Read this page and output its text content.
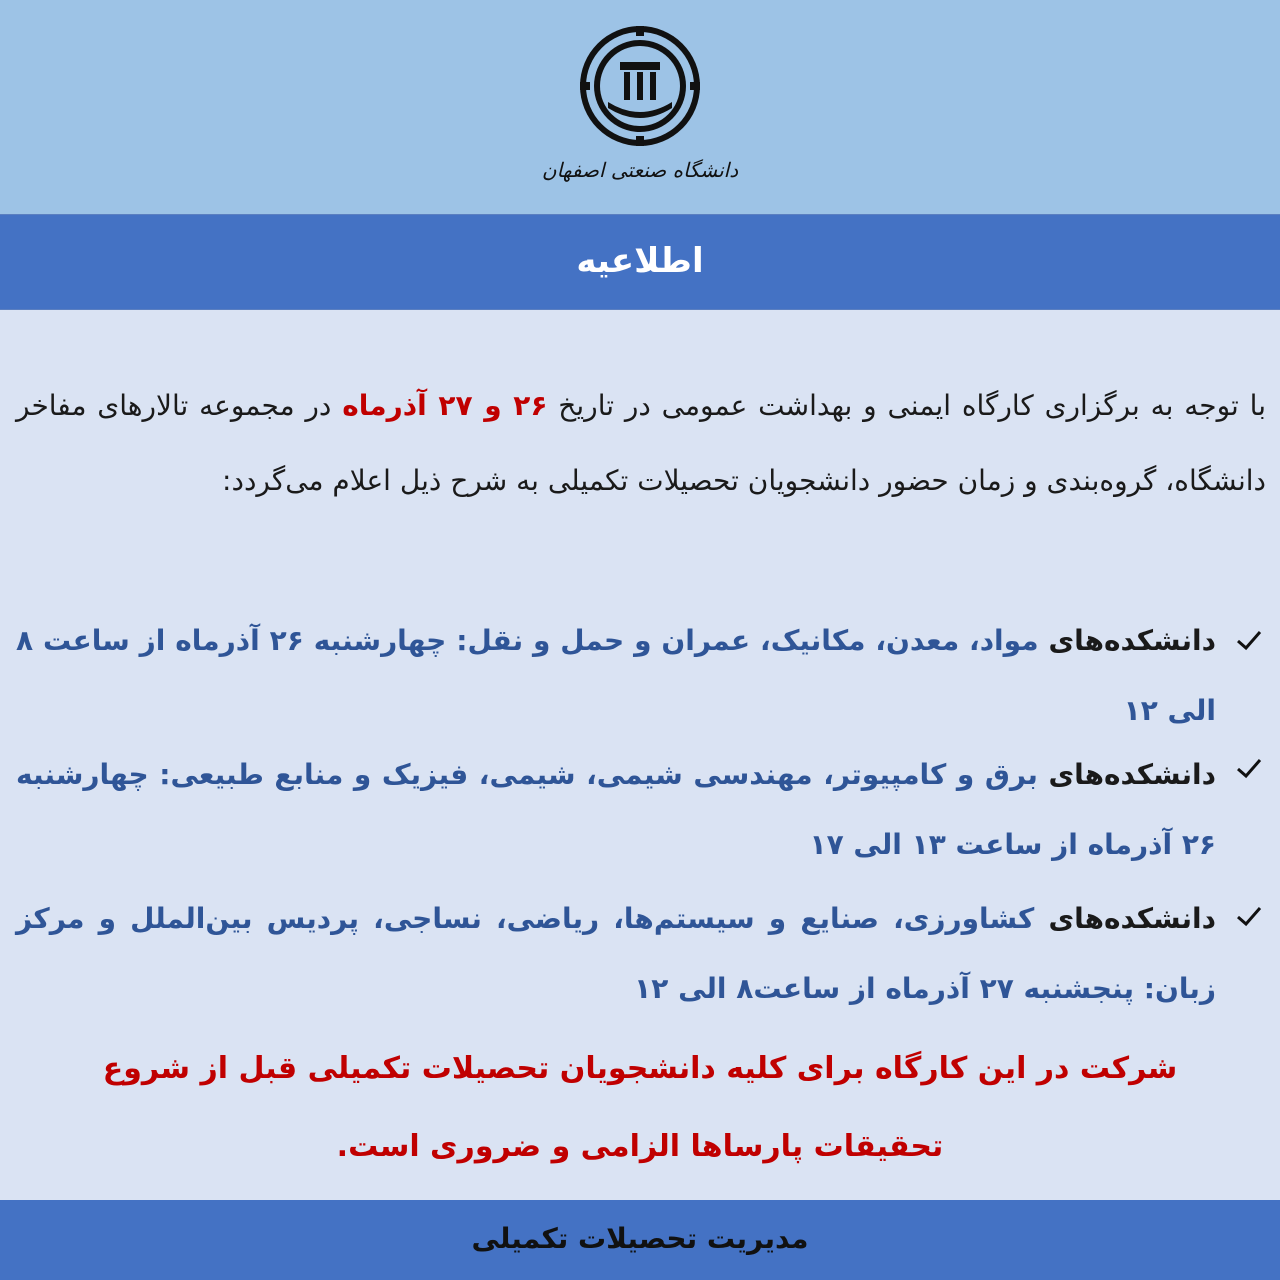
دانشگاه صنعتی اصفهان
اطلاعیه
با توجه به برگزاری کارگاه ایمنی و بهداشت عمومی در تاریخ ۲۶ و ۲۷ آذرماه در مجموعه تالارهای مفاخر دانشگاه، گروه‌بندی و زمان حضور دانشجویان تحصیلات تکمیلی به شرح ذیل اعلام می‌گردد:
دانشکده‌های مواد، معدن، مکانیک، عمران و حمل و نقل: چهارشنبه ۲۶ آذرماه از ساعت ۸ الی ۱۲
دانشکده‌های برق و کامپیوتر، مهندسی شیمی، شیمی، فیزیک و منابع طبیعی: چهارشنبه ۲۶ آذرماه از ساعت ۱۳ الی ۱۷
دانشکده‌های کشاورزی، صنایع و سیستم‌ها، ریاضی، نساجی، پردیس بین‌الملل و مرکز زبان: پنجشنبه ۲۷ آذرماه از ساعت۸ الی ۱۲
شرکت در این کارگاه برای کلیه دانشجویان تحصیلات تکمیلی قبل از شروع تحقیقات پارساها الزامی و ضروری است.
مدیریت تحصیلات تکمیلی
